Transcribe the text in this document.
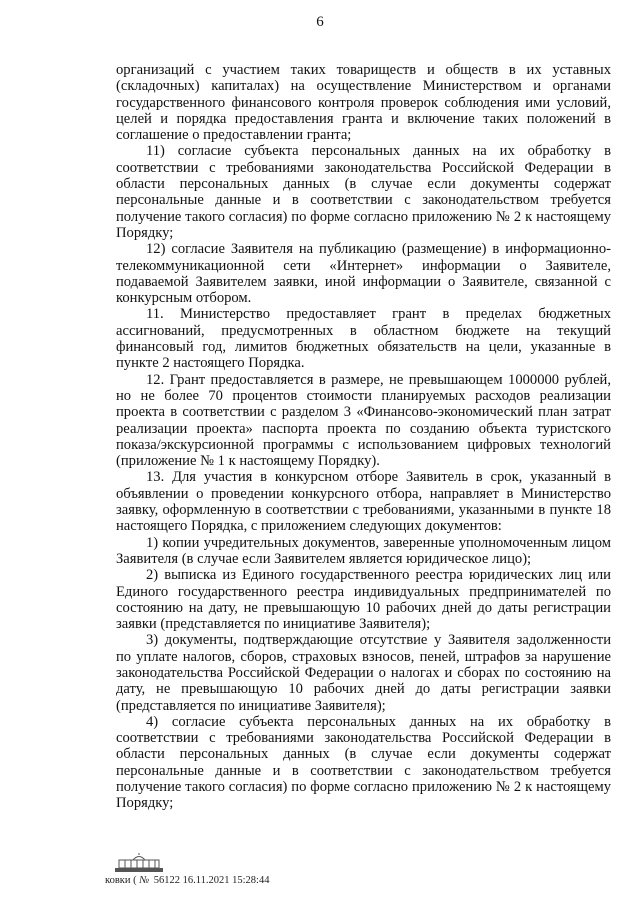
6

организаций с участием таких товариществ и обществ в их уставных (складочных) капиталах) на осуществление Министерством и органами государственного финансового контроля проверок соблюдения ими условий, целей и порядка предоставления гранта и включение таких положений в соглашение о предоставлении гранта;

11) согласие субъекта персональных данных на их обработку в соответствии с требованиями законодательства Российской Федерации в области персональных данных (в случае если документы содержат персональные данные и в соответствии с законодательством требуется получение такого согласия) по форме согласно приложению № 2 к настоящему Порядку;

12) согласие Заявителя на публикацию (размещение) в информационно-телекоммуникационной сети «Интернет» информации о Заявителе, подаваемой Заявителем заявки, иной информации о Заявителе, связанной с конкурсным отбором.

11. Министерство предоставляет грант в пределах бюджетных ассигнований, предусмотренных в областном бюджете на текущий финансовый год, лимитов бюджетных обязательств на цели, указанные в пункте 2 настоящего Порядка.

12. Грант предоставляется в размере, не превышающем 1000000 рублей, но не более 70 процентов стоимости планируемых расходов реализации проекта в соответствии с разделом 3 «Финансово-экономический план затрат реализации проекта» паспорта проекта по созданию объекта туристского показа/экскурсионной программы с использованием цифровых технологий (приложение № 1 к настоящему Порядку).

13. Для участия в конкурсном отборе Заявитель в срок, указанный в объявлении о проведении конкурсного отбора, направляет в Министерство заявку, оформленную в соответствии с требованиями, указанными в пункте 18 настоящего Порядка, с приложением следующих документов:

1) копии учредительных документов, заверенные уполномоченным лицом Заявителя (в случае если Заявителем является юридическое лицо);

2) выписка из Единого государственного реестра юридических лиц или Единого государственного реестра индивидуальных предпринимателей по состоянию на дату, не превышающую 10 рабочих дней до даты регистрации заявки (представляется по инициативе Заявителя);

3) документы, подтверждающие отсутствие у Заявителя задолженности по уплате налогов, сборов, страховых взносов, пеней, штрафов за нарушение законодательства Российской Федерации о налогах и сборах по состоянию на дату, не превышающую 10 рабочих дней до даты регистрации заявки (представляется по инициативе Заявителя);

4) согласие субъекта персональных данных на их обработку в соответствии с требованиями законодательства Российской Федерации в области персональных данных (в случае если документы содержат персональные данные и в соответствии с законодательством требуется получение такого согласия) по форме согласно приложению № 2 к настоящему Порядку;

ковки ( № 56122 16.11.2021 15:28:44
